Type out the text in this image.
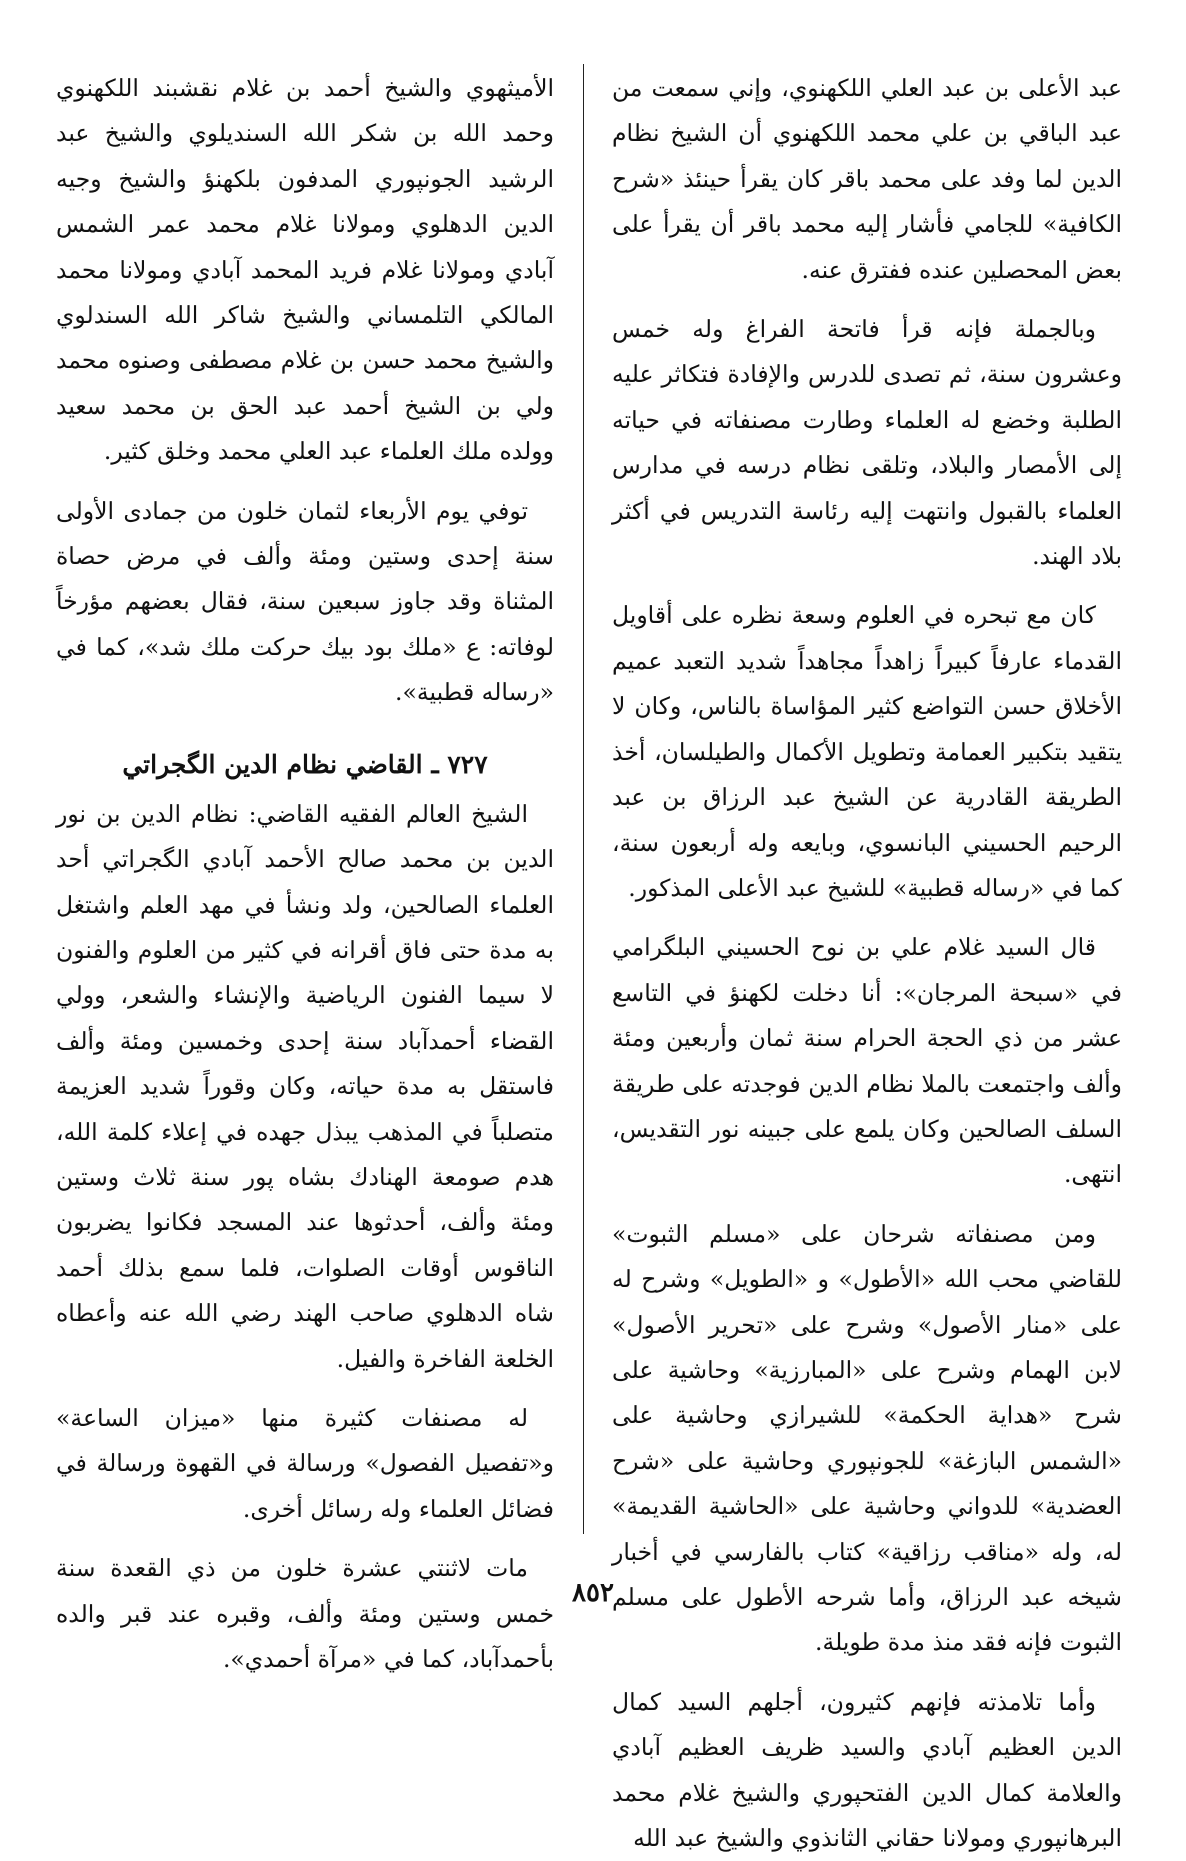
عبد الأعلى بن عبد العلي اللكهنوي، وإني سمعت من عبد الباقي بن علي محمد اللكهنوي أن الشيخ نظام الدين لما وفد على محمد باقر كان يقرأ حينئذ «شرح الكافية» للجامي فأشار إليه محمد باقر أن يقرأ على بعض المحصلين عنده ففترق عنه.

وبالجملة فإنه قرأ فاتحة الفراغ وله خمس وعشرون سنة، ثم تصدى للدرس والإفادة فتكاثر عليه الطلبة وخضع له العلماء وطارت مصنفاته في حياته إلى الأمصار والبلاد، وتلقى نظام درسه في مدارس العلماء بالقبول وانتهت إليه رئاسة التدريس في أكثر بلاد الهند.

كان مع تبحره في العلوم وسعة نظره على أقاويل القدماء عارفاً كبيراً زاهداً مجاهداً شديد التعبد عميم الأخلاق حسن التواضع كثير المؤاساة بالناس، وكان لا يتقيد بتكبير العمامة وتطويل الأكمال والطيلسان، أخذ الطريقة القادرية عن الشيخ عبد الرزاق بن عبد الرحيم الحسيني البانسوي، وبايعه وله أربعون سنة، كما في «رساله قطبية» للشيخ عبد الأعلى المذكور.

قال السيد غلام علي بن نوح الحسيني البلگرامي في «سبحة المرجان»: أنا دخلت لكهنؤ في التاسع عشر من ذي الحجة الحرام سنة ثمان وأربعين ومئة وألف واجتمعت بالملا نظام الدين فوجدته على طريقة السلف الصالحين وكان يلمع على جبينه نور التقديس، انتهى.

ومن مصنفاته شرحان على «مسلم الثبوت» للقاضي محب الله «الأطول» و «الطويل» وشرح له على «منار الأصول» وشرح على «تحرير الأصول» لابن الهمام وشرح على «المبارزية» وحاشية على شرح «هداية الحكمة» للشيرازي وحاشية على «الشمس البازغة» للجونپوري وحاشية على «شرح العضدية» للدواني وحاشية على «الحاشية القديمة» له، وله «مناقب رزاقية» كتاب بالفارسي في أخبار شيخه عبد الرزاق، وأما شرحه الأطول على مسلم الثبوت فإنه فقد منذ مدة طويلة.

وأما تلامذته فإنهم كثيرون، أجلهم السيد كمال الدين العظيم آبادي والسيد ظريف العظيم آبادي والعلامة كمال الدين الفتحپوري والشيخ غلام محمد البرهانپوري ومولانا حقاني الثانذوي والشيخ عبد الله

الأميثهوي والشيخ أحمد بن غلام نقشبند اللكهنوي وحمد الله بن شكر الله السنديلوي والشيخ عبد الرشيد الجونپوري المدفون بلكهنؤ والشيخ وجيه الدين الدهلوي ومولانا غلام محمد عمر الشمس آبادي ومولانا غلام فريد المحمد آبادي ومولانا محمد المالكي التلمساني والشيخ شاكر الله السندلوي والشيخ محمد حسن بن غلام مصطفى وصنوه محمد ولي بن الشيخ أحمد عبد الحق بن محمد سعيد وولده ملك العلماء عبد العلي محمد وخلق كثير.

توفي يوم الأربعاء لثمان خلون من جمادى الأولى سنة إحدى وستين ومئة وألف في مرض حصاة المثناة وقد جاوز سبعين سنة، فقال بعضهم مؤرخاً لوفاته: ع «ملك بود بيك حركت ملك شد»، كما في «رساله قطبية».

٧٢٧ ـ القاضي نظام الدين الگجراتي

الشيخ العالم الفقيه القاضي: نظام الدين بن نور الدين بن محمد صالح الأحمد آبادي الگجراتي أحد العلماء الصالحين، ولد ونشأ في مهد العلم واشتغل به مدة حتى فاق أقرانه في كثير من العلوم والفنون لا سيما الفنون الرياضية والإنشاء والشعر، وولي القضاء أحمدآباد سنة إحدى وخمسين ومئة وألف فاستقل به مدة حياته، وكان وقوراً شديد العزيمة متصلباً في المذهب يبذل جهده في إعلاء كلمة الله، هدم صومعة الهنادك بشاه پور سنة ثلاث وستين ومئة وألف، أحدثوها عند المسجد فكانوا يضربون الناقوس أوقات الصلوات، فلما سمع بذلك أحمد شاه الدهلوي صاحب الهند رضي الله عنه وأعطاه الخلعة الفاخرة والفيل.

له مصنفات كثيرة منها «ميزان الساعة» و«تفصيل الفصول» ورسالة في القهوة ورسالة في فضائل العلماء وله رسائل أخرى.

مات لاثنتي عشرة خلون من ذي القعدة سنة خمس وستين ومئة وألف، وقبره عند قبر والده بأحمدآباد، كما في «مرآة أحمدي».

٨٥٢
